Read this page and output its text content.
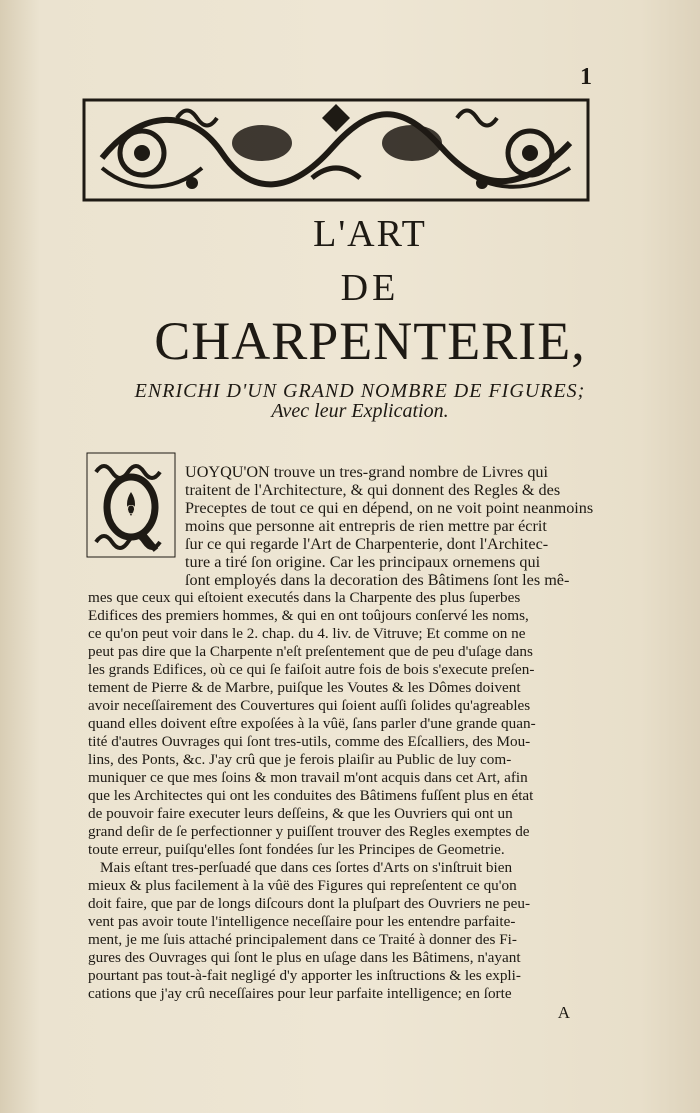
1
L'ART
DE
CHARPENTERIE,
ENRICHI D'UN GRAND NOMBRE DE FIGURES;
Avec leur Explication.
Q
UOYQU'ON trouve un tres-grand nombre de Livres qui
traitent de l'Architecture, & qui donnent des Regles & des
Preceptes de tout ce qui en dépend, on ne voit point neanmoins
moins que personne ait entrepris de rien mettre par écrit
ſur ce qui regarde l'Art de Charpenterie, dont l'Architec-
ture a tiré ſon origine. Car les principaux ornemens qui
ſont employés dans la decoration des Bâtimens ſont les mê-
mes que ceux qui eſtoient executés dans la Charpente des plus ſuperbes
Edifices des premiers hommes, & qui en ont toûjours conſervé les noms,
ce qu'on peut voir dans le 2. chap. du 4. liv. de Vitruve; Et comme on ne
peut pas dire que la Charpente n'eſt preſentement que de peu d'uſage dans
les grands Edifices, où ce qui ſe faiſoit autre fois de bois s'execute preſen-
tement de Pierre & de Marbre, puiſque les Voutes & les Dômes doivent
avoir neceſſairement des Couvertures qui ſoient auſſi ſolides qu'agreables
quand elles doivent eſtre expoſées à la vûë, ſans parler d'une grande quan-
tité d'autres Ouvrages qui ſont tres-utils, comme des Eſcalliers, des Mou-
lins, des Ponts, &c. J'ay crû que je ferois plaiſir au Public de luy com-
muniquer ce que mes ſoins & mon travail m'ont acquis dans cet Art, afin
que les Architectes qui ont les conduites des Bâtimens fuſſent plus en état
de pouvoir faire executer leurs deſſeins, & que les Ouvriers qui ont un
grand deſir de ſe perfectionner y puiſſent trouver des Regles exemptes de
toute erreur, puiſqu'elles ſont fondées ſur les Principes de Geometrie.
Mais eſtant tres-perſuadé que dans ces ſortes d'Arts on s'inſtruit bien
mieux & plus facilement à la vûë des Figures qui repreſentent ce qu'on
doit faire, que par de longs diſcours dont la pluſpart des Ouvriers ne peu-
vent pas avoir toute l'intelligence neceſſaire pour les entendre parfaite-
ment, je me ſuis attaché principalement dans ce Traité à donner des Fi-
gures des Ouvrages qui ſont le plus en uſage dans les Bâtimens, n'ayant
pourtant pas tout-à-fait negligé d'y apporter les inſtructions & les expli-
cations que j'ay crû neceſſaires pour leur parfaite intelligence; en ſorte
A
